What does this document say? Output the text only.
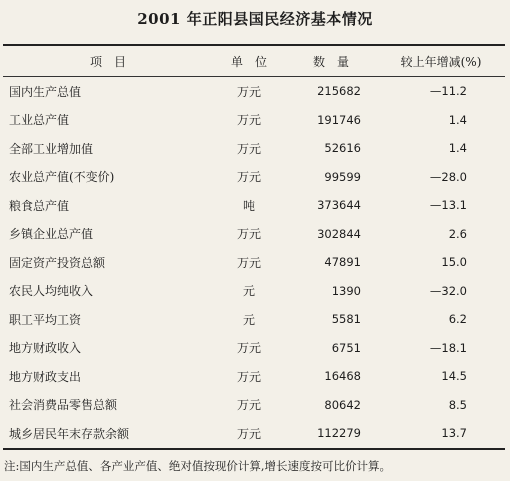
2001 年正阳县国民经济基本情况
项　目	单　位	数　量	较上年增减(%)
国内生产总值	万元	215682	—11.2
工业总产值	万元	191746	1.4
全部工业增加值	万元	52616	1.4
农业总产值(不变价)	万元	99599	—28.0
粮食总产值	吨	373644	—13.1
乡镇企业总产值	万元	302844	2.6
固定资产投资总额	万元	47891	15.0
农民人均纯收入	元	1390	—32.0
职工平均工资	元	5581	6.2
地方财政收入	万元	6751	—18.1
地方财政支出	万元	16468	14.5
社会消费品零售总额	万元	80642	8.5
城乡居民年末存款余额	万元	112279	13.7
注:国内生产总值、各产业产值、绝对值按现价计算,增长速度按可比价计算。
